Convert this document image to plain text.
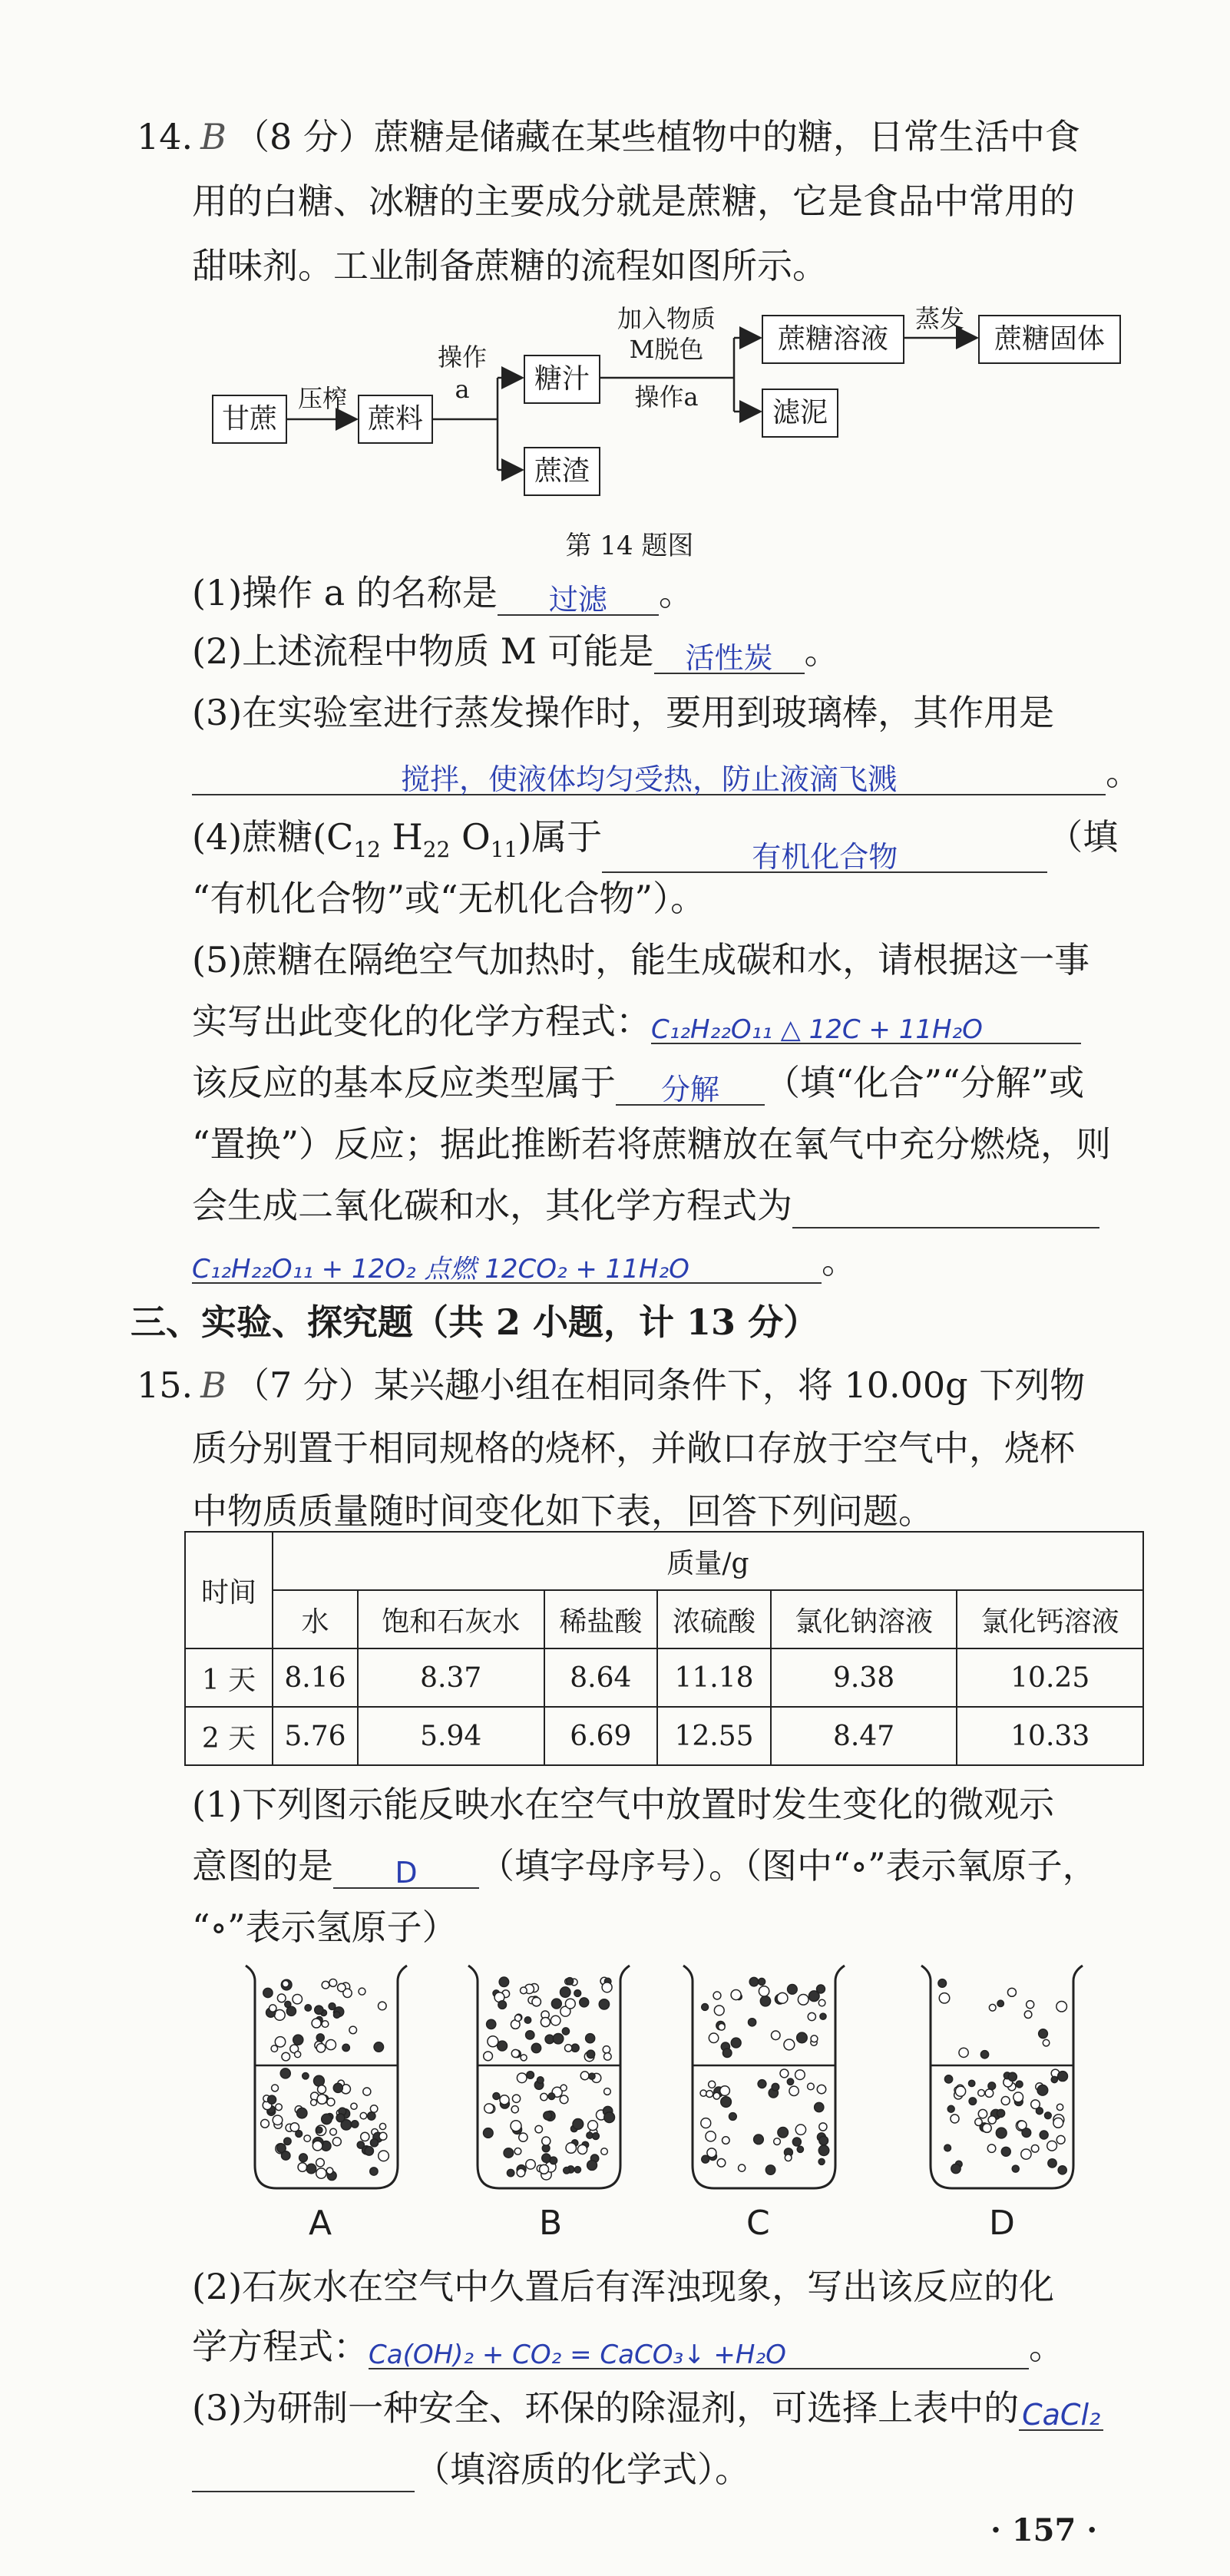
14. B （8 分）蔗糖是储藏在某些植物中的糖，日常生活中食
用的白糖、冰糖的主要成分就是蔗糖，它是食品中常用的
甜味剂。工业制备蔗糖的流程如图所示。
甘蔗
压榨
蔗料
操作
a	糖汁
蔗渣
加入物质
M脱色
操作a
蔗糖溶液
蒸发
蔗糖固体
滤泥
第 14 题图
(1)操作 a 的名称是 过滤 。
(2)上述流程中物质 M 可能是 活性炭 。
(3)在实验室进行蒸发操作时，要用到玻璃棒，其作用是
搅拌，使液体均匀受热，防止液滴飞溅	。
(4)蔗糖($C_{12}$ $H_{22}$ $O_{11}$)属于	有机化合物	（填
“有机化合物”或“无机化合物”）。
(5)蔗糖在隔绝空气加热时，能生成碳和水，请根据这一事
实写出此变化的化学方程式：C₁₂H₂₂O₁₁ △ 12C + 11H₂O
该反应的基本反应类型属于 分解 （填“化合”“分解”或
“置换”）反应；据此推断若将蔗糖放在氧气中充分燃烧，则
会生成二氧化碳和水，其化学方程式为
C₁₂H₂₂O₁₁ + 12O₂ 点燃 12CO₂ + 11H₂O	。
三、实验、探究题（共 2 小题，计 13 分）
15. B （7 分）某兴趣小组在相同条件下，将 10.00g 下列物
质分别置于相同规格的烧杯，并敞口存放于空气中，烧杯
中物质质量随时间变化如下表，回答下列问题。
时间	质量/g					
	水	饱和石灰水	稀盐酸	浓硫酸	氯化钠溶液	氯化钙溶液
1 天	8.16	8.37	8.64	11.18	9.38	10.25
2 天	5.76	5.94	6.69	12.55	8.47	10.33
(1)下列图示能反映水在空气中放置时发生变化的微观示
意图的是 D （填字母序号）。（图中“∘”表示氧原子，
“∘”表示氢原子）
A	B	C	D
(2)石灰水在空气中久置后有浑浊现象，写出该反应的化
学方程式：Ca(OH)₂ + CO₂ = CaCO₃↓ +H₂O	。
(3)为研制一种安全、环保的除湿剂，可选择上表中的 CaCl₂
（填溶质的化学式）。
· 157 ·
